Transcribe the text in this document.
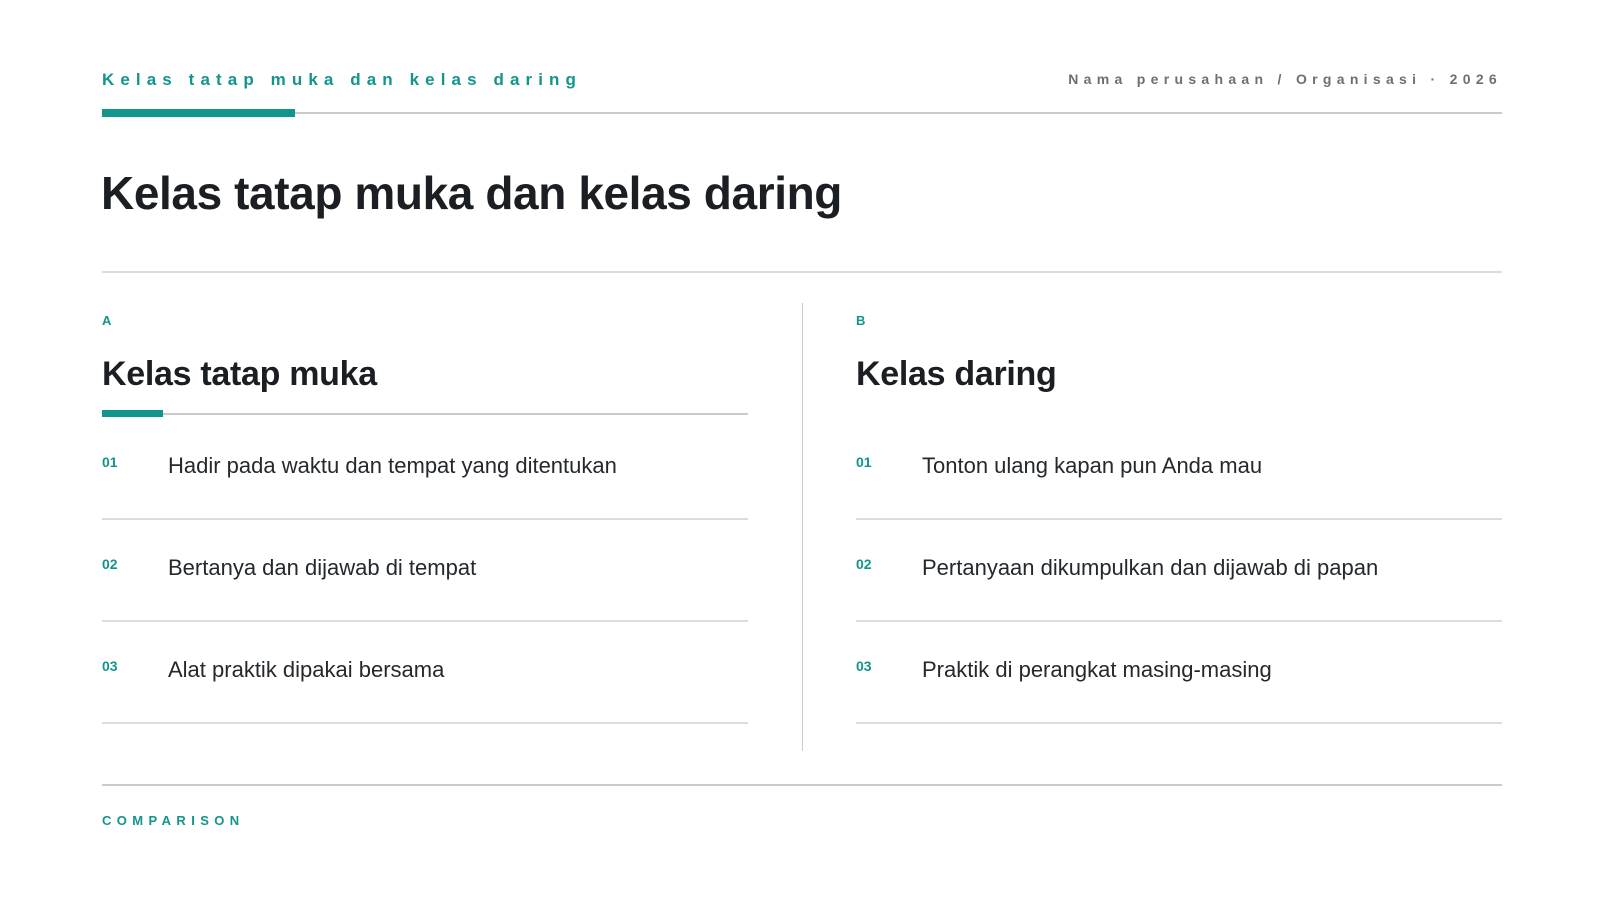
Kelas tatap muka dan kelas daring	Nama perusahaan / Organisasi · 2026
Kelas tatap muka dan kelas daring
A
Kelas tatap muka
01 Hadir pada waktu dan tempat yang ditentukan
02 Bertanya dan dijawab di tempat
03 Alat praktik dipakai bersama
B
Kelas daring
01 Tonton ulang kapan pun Anda mau
02 Pertanyaan dikumpulkan dan dijawab di papan
03 Praktik di perangkat masing-masing
COMPARISON
